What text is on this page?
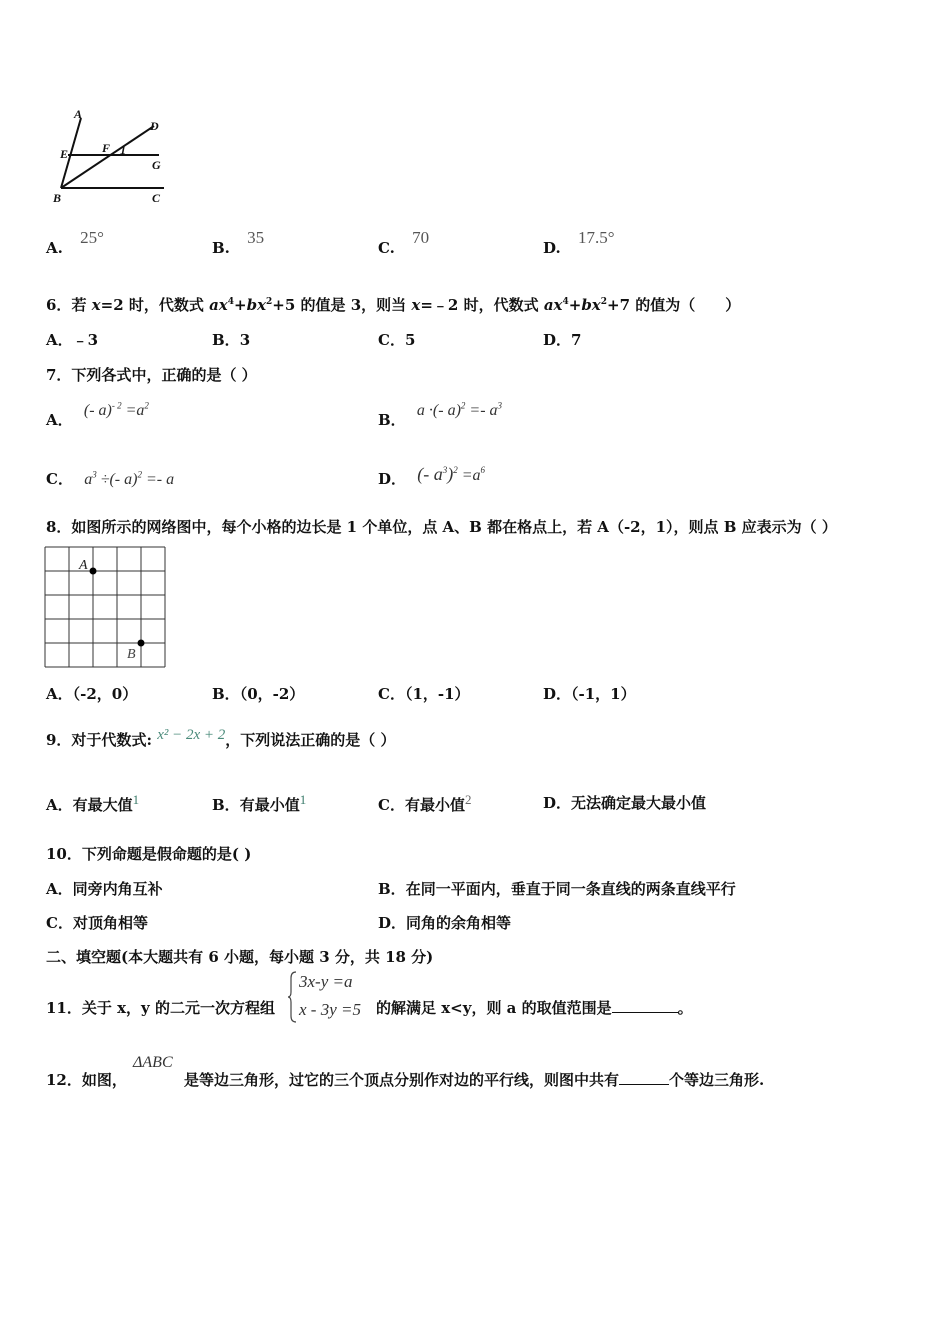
A
D
E	F 1
G
B	C
A. 25°
B. 35
C. 70
D. 17.5°
6．若 x=2 时，代数式 $ax^4+bx^2+5$ 的值是 3，则当 x=﹣2 时，代数式 $ax^4+bx^2+7$ 的值为（　　）
A．﹣3	B．3	C．5	D．7
7．下列各式中，正确的是（ ）
A． (- $a)^{- 2} =a^2$
B． a ·(- $a)^2 =- a^3$
C． $a^3$ ÷(- a)$^2$ =- a	D． (- $a^3)^2 =a^6$
8．如图所示的网络图中，每个小格的边长是 1 个单位，点 A、B 都在格点上，若 A（-2，1），则点 B 应表示为（ ）
A
B
A．（-2，0）	B．（0，-2）	C．（1，-1）	D．（-1，1）
9．对于代数式: x² − 2x + 2，下列说法正确的是（ ）
A．有最大值1	B．有最小值1	C．有最小值2	D．无法确定最大最小值
10．下列命题是假命题的是( )
A．同旁内角互补	B．在同一平面内，垂直于同一条直线的两条直线平行
C．对顶角相等	D．同角的余角相等
二、填空题(本大题共有 6 小题，每小题 3 分，共 18 分)
11．关于 x，y 的二元一次方程组
3x-y =a
x - 3y =5 的解满足 x<y，则 a 的取值范围是	。
12．如图，
ΔABC
是等边三角形，过它的三个顶点分别作对边的平行线，则图中共有	个等边三角形.
